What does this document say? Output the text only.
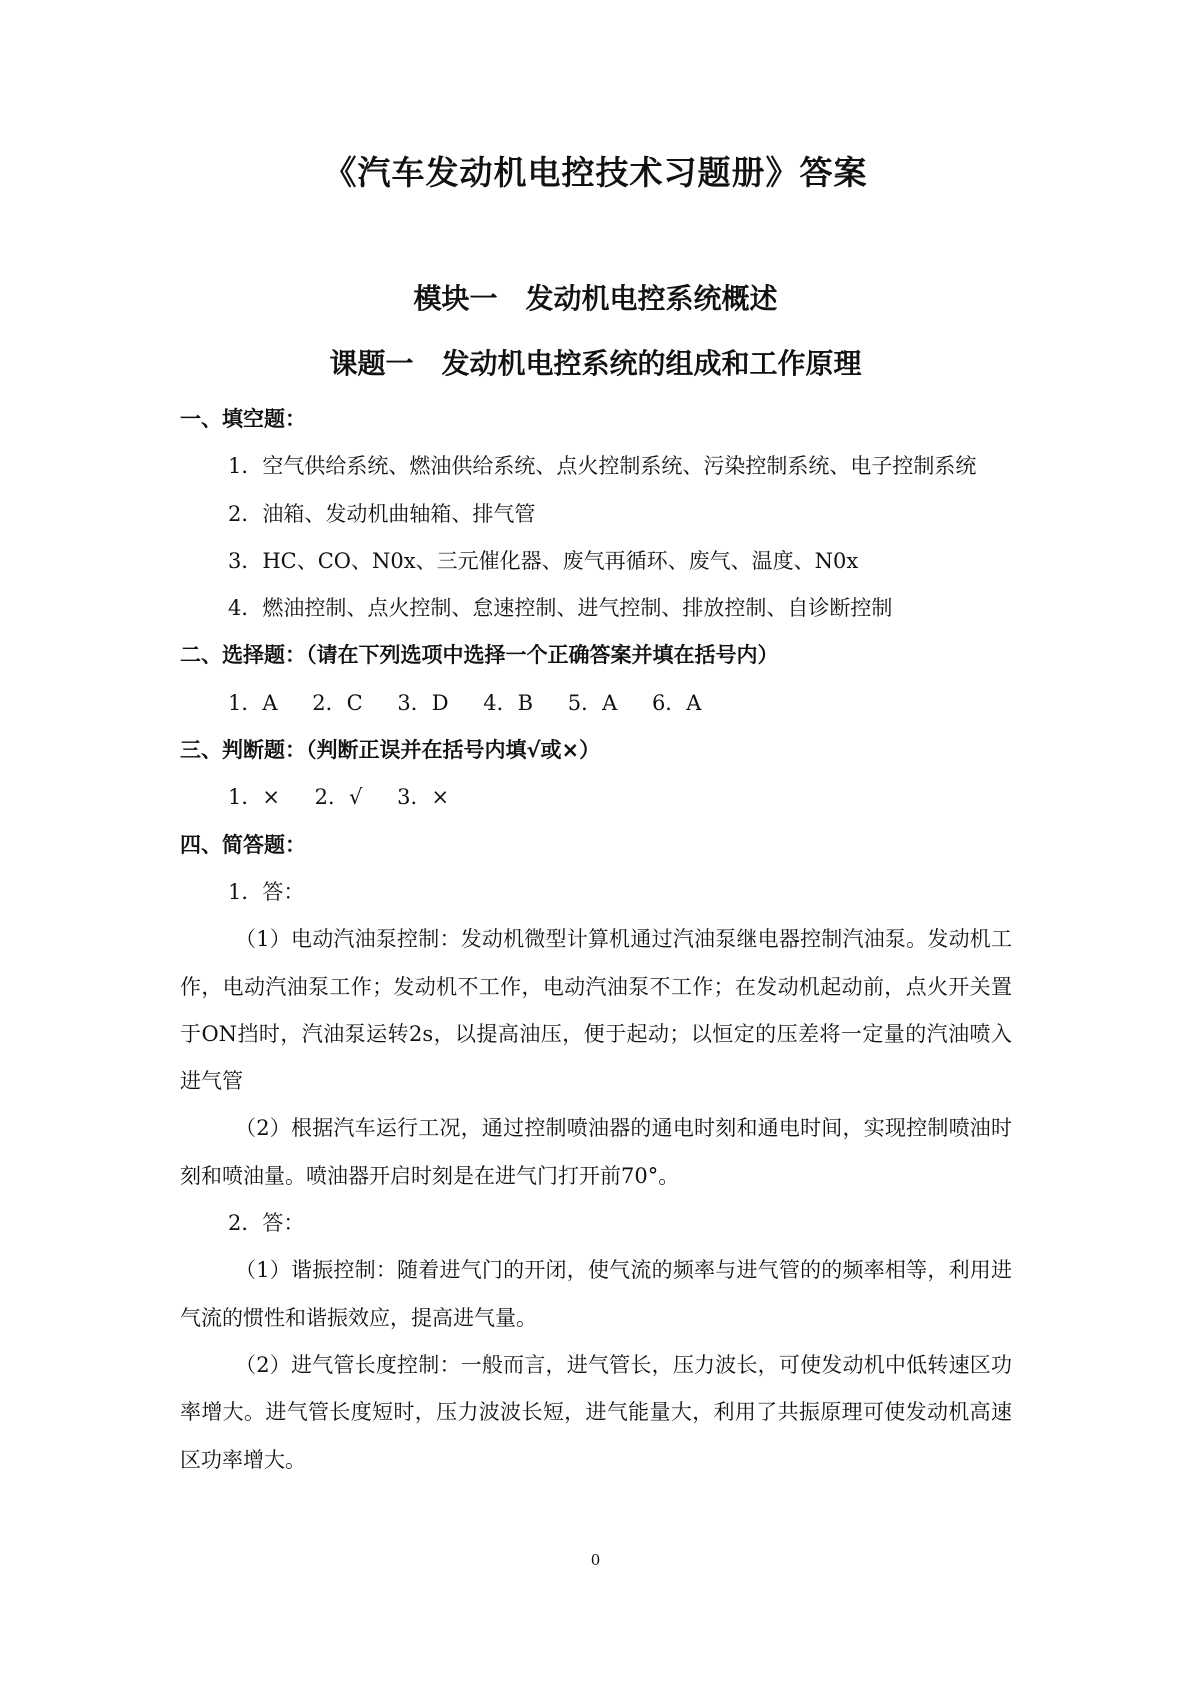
《汽车发动机电控技术习题册》答案
模块一　发动机电控系统概述
课题一　发动机电控系统的组成和工作原理

一、填空题：

1．空气供给系统、燃油供给系统、点火控制系统、污染控制系统、电子控制系统

2．油箱、发动机曲轴箱、排气管

3．HC、CO、N0x、三元催化器、废气再循环、废气、温度、N0x

4．燃油控制、点火控制、怠速控制、进气控制、排放控制、自诊断控制

二、选择题：（请在下列选项中选择一个正确答案并填在括号内）

1．A 2．C 3．D 4．B 5．A 6．A

三、判断题：（判断正误并在括号内填√或×）

1．× 2．√ 3．×

四、简答题：

1．答：

（1）电动汽油泵控制：发动机微型计算机通过汽油泵继电器控制汽油泵。发动机工作，电动汽油泵工作；发动机不工作，电动汽油泵不工作；在发动机起动前，点火开关置于ON挡时，汽油泵运转2s，以提高油压，便于起动；以恒定的压差将一定量的汽油喷入进气管

（2）根据汽车运行工况，通过控制喷油器的通电时刻和通电时间，实现控制喷油时刻和喷油量。喷油器开启时刻是在进气门打开前70°。

2．答：

（1）谐振控制：随着进气门的开闭，使气流的频率与进气管的的频率相等，利用进气流的惯性和谐振效应，提高进气量。

（2）进气管长度控制：一般而言，进气管长，压力波长，可使发动机中低转速区功率增大。进气管长度短时，压力波波长短，进气能量大，利用了共振原理可使发动机高速区功率增大。

0
